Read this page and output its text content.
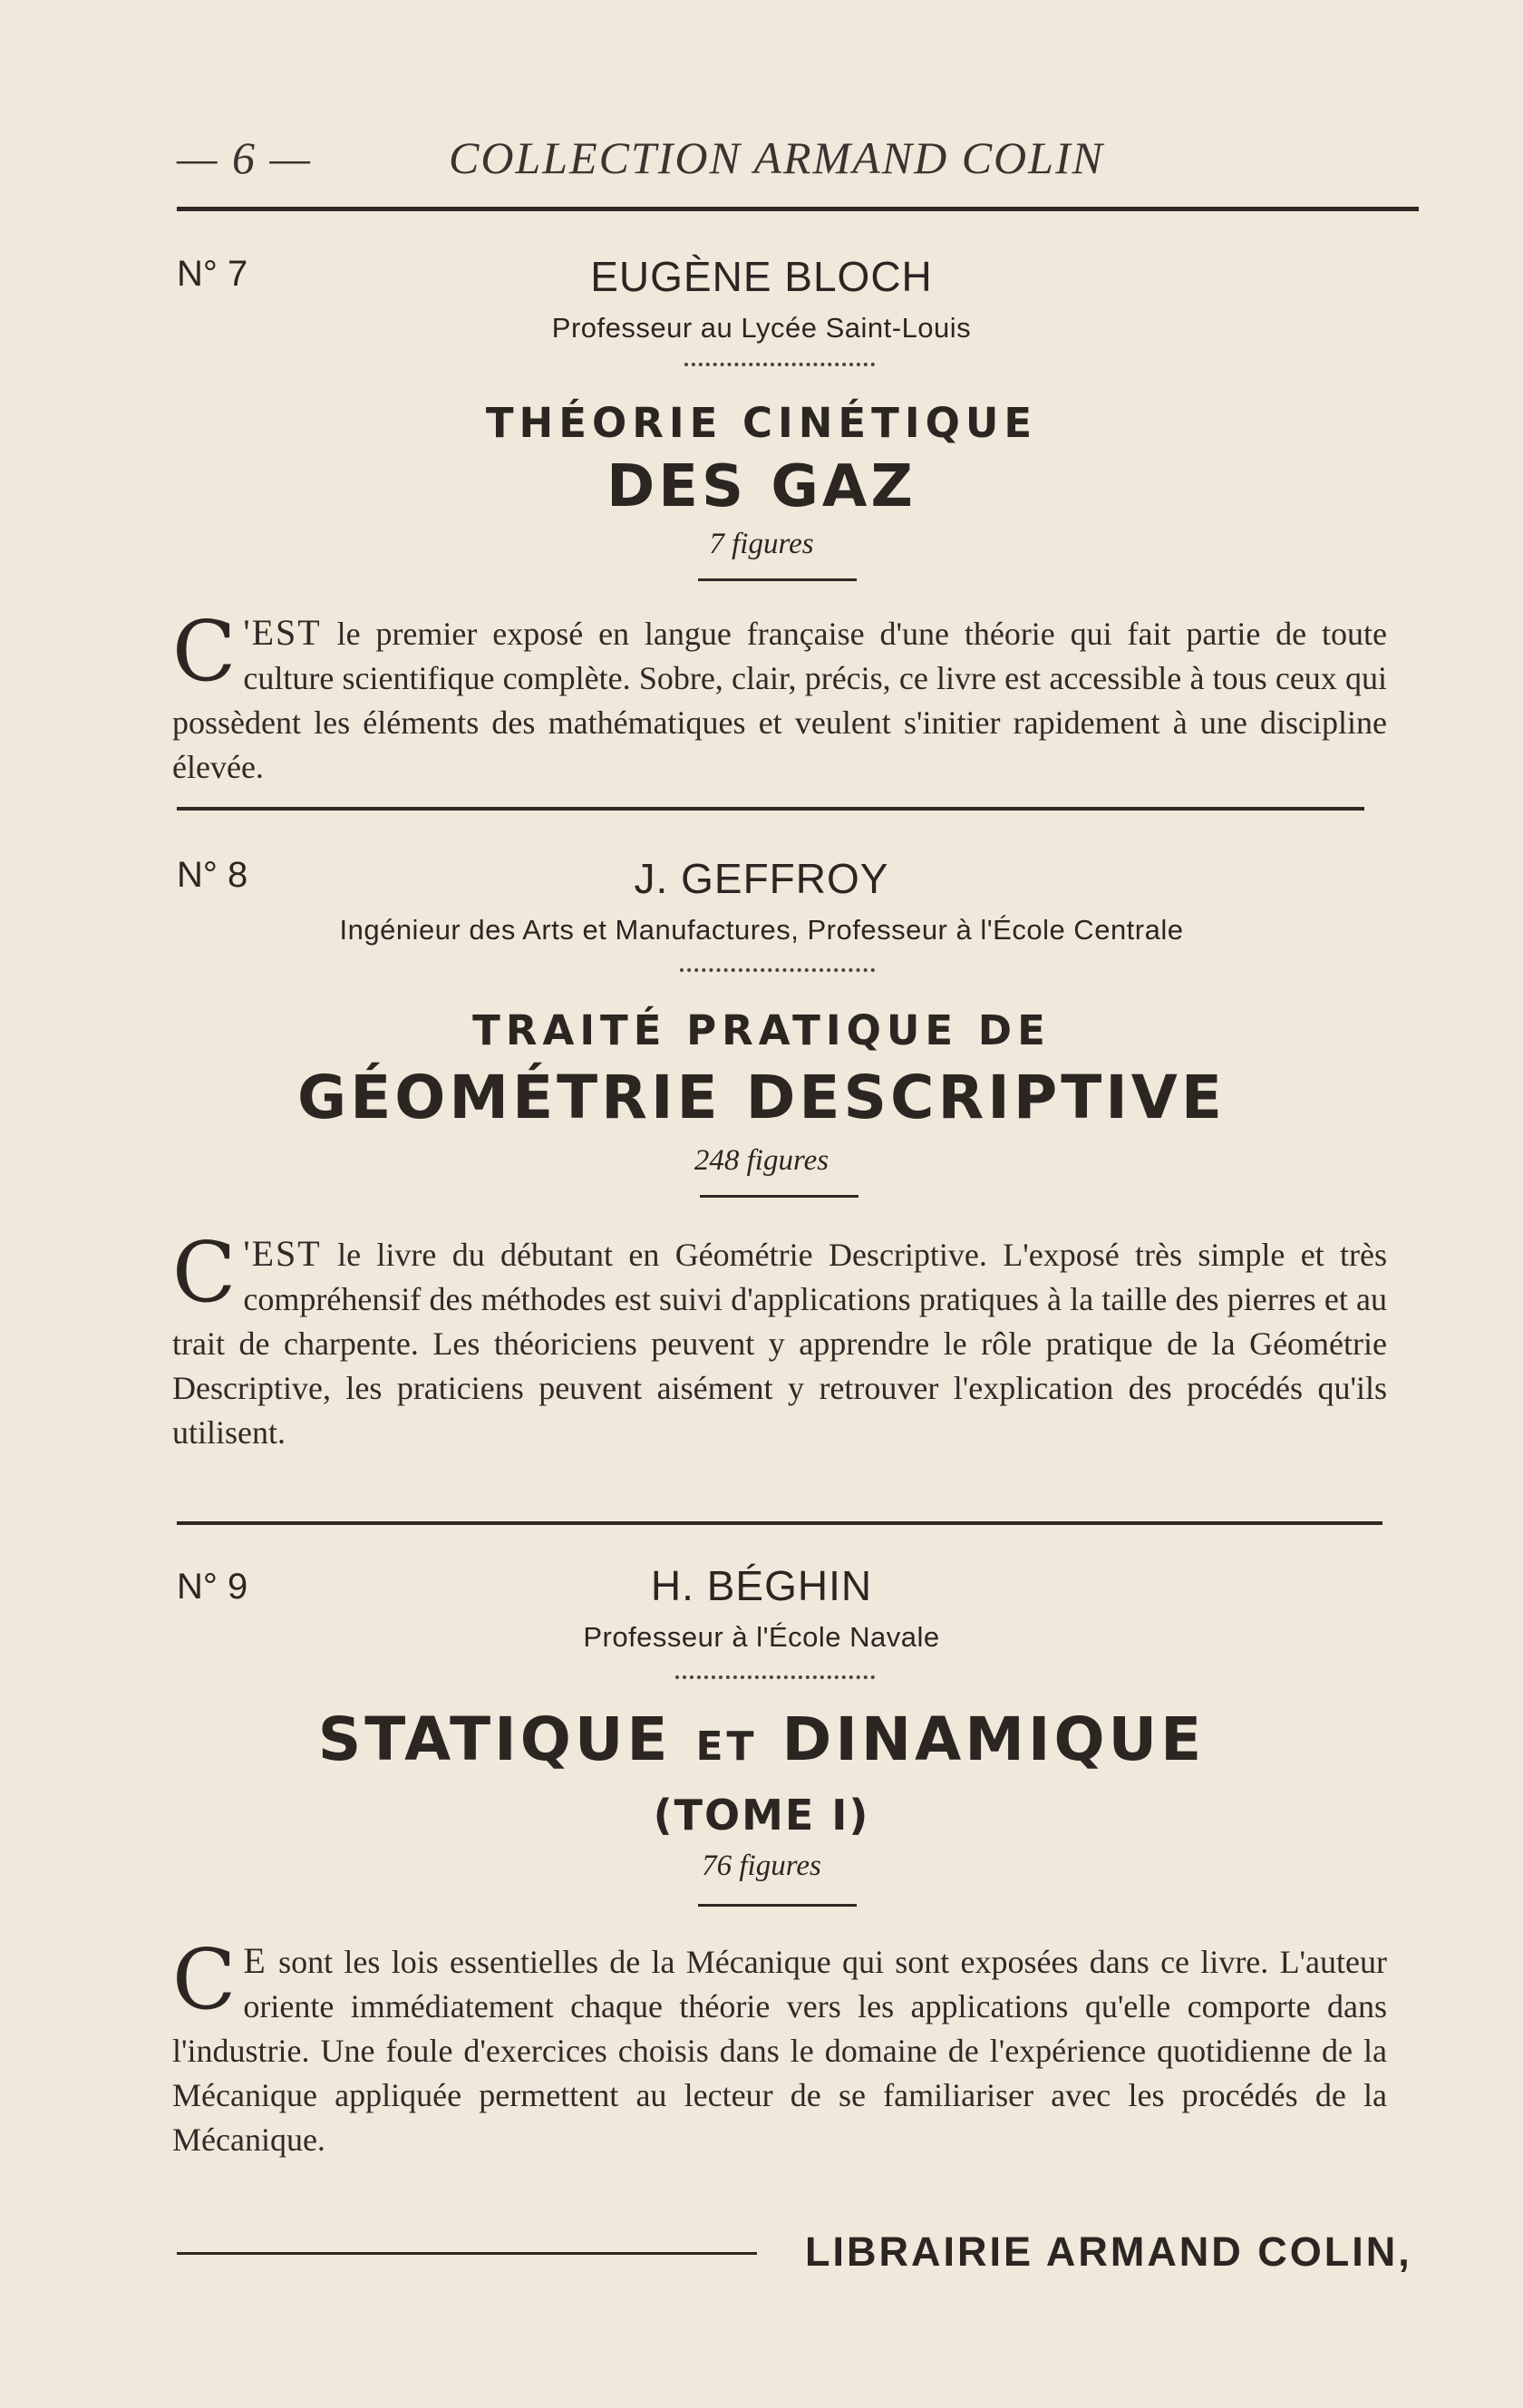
— 6 —	COLLECTION ARMAND COLIN
N° 7	EUGÈNE BLOCH
Professeur au Lycée Saint-Louis
THÉORIE CINÉTIQUE
DES GAZ
7 figures
C 'EST le premier exposé en langue française d'une théorie qui fait partie de toute culture scientifique complète. Sobre, clair, précis, ce livre est accessible à tous ceux qui possèdent les éléments des mathématiques et veulent s'initier rapidement à une discipline élevée.
N° 8	J. GEFFROY
Ingénieur des Arts et Manufactures, Professeur à l'École Centrale
TRAITÉ PRATIQUE DE
GÉOMÉTRIE DESCRIPTIVE
248 figures
C 'EST le livre du débutant en Géométrie Descriptive. L'exposé très simple et très compréhensif des méthodes est suivi d'applications pratiques à la taille des pierres et au trait de charpente. Les théoriciens peuvent y apprendre le rôle pratique de la Géométrie Descriptive, les praticiens peuvent aisément y retrouver l'explication des procédés qu'ils utilisent.
N° 9	H. BÉGHIN
Professeur à l'École Navale
STATIQUE ET DINAMIQUE
(TOME I)
76 figures
C E sont les lois essentielles de la Mécanique qui sont exposées dans ce livre. L'auteur oriente immédiatement chaque théorie vers les applications qu'elle comporte dans l'industrie. Une foule d'exercices choisis dans le domaine de l'expérience quotidienne de la Mécanique appliquée permettent au lecteur de se familiariser avec les procédés de la Mécanique.
LIBRAIRIE ARMAND COLIN,
